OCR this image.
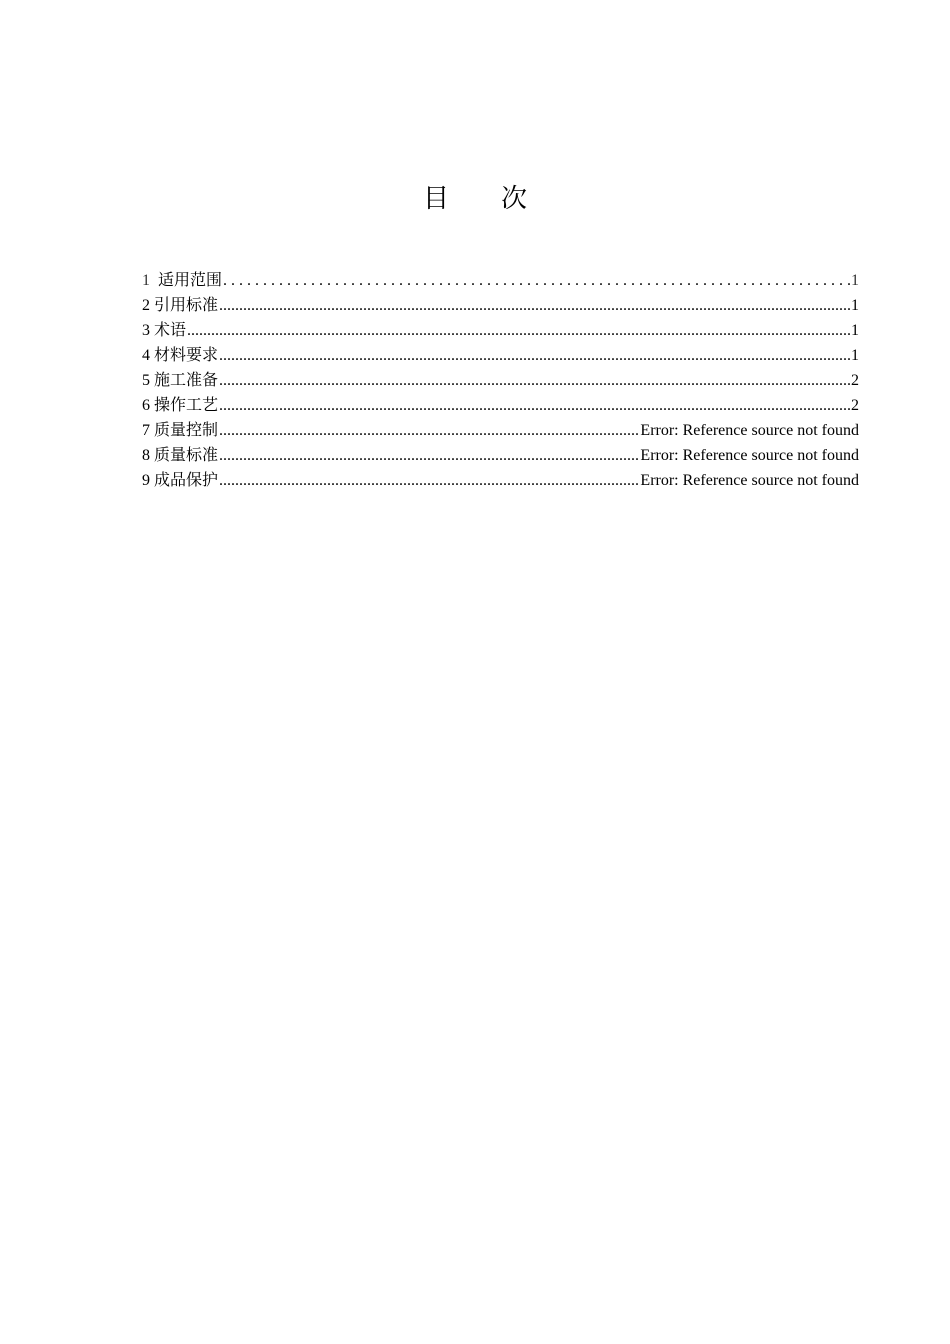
目 次
1 适用范围 . . .	1
2 引用标准 .....	1
3 术语 .....	1
4 材料要求 .....	1
5 施工准备 .....	2
6 操作工艺 .....	2
7 质量控制 .....	Error: Reference source not found
8 质量标准 .....	Error: Reference source not found
9 成品保护 .....	Error: Reference source not found
